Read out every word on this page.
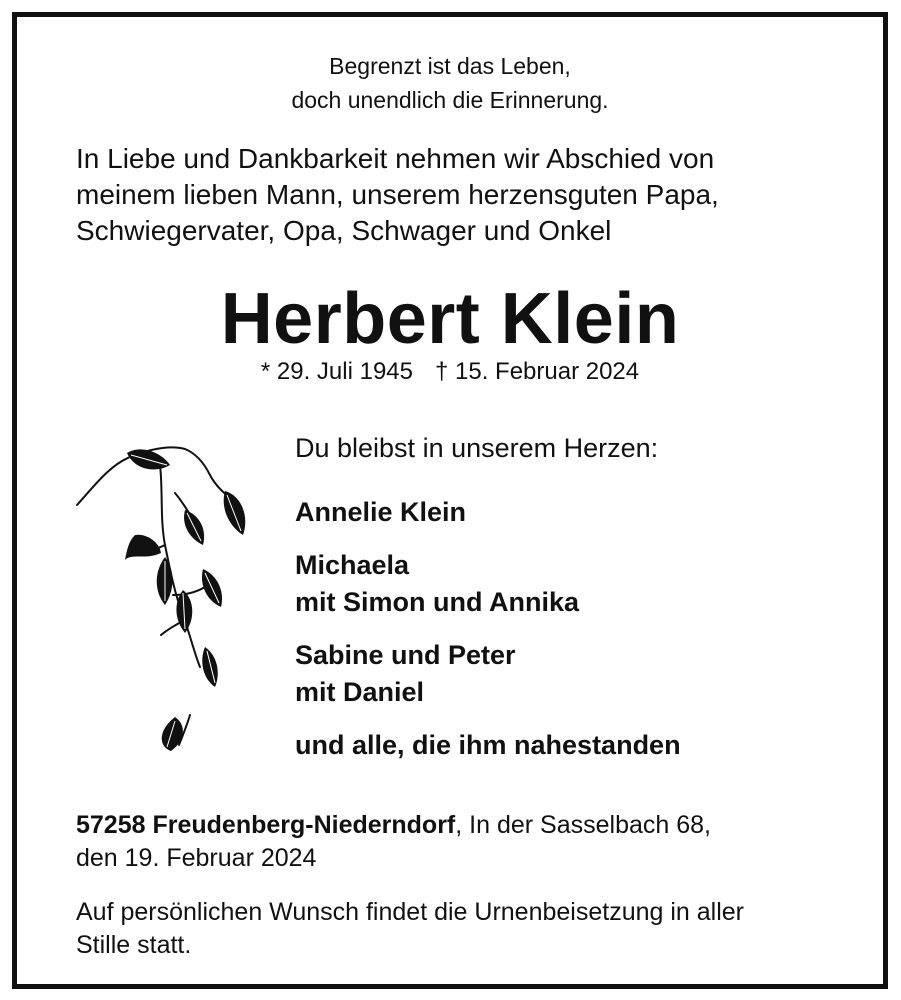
Begrenzt ist das Leben,
doch unendlich die Erinnerung.
In Liebe und Dankbarkeit nehmen wir Abschied von
meinem lieben Mann, unserem herzensguten Papa,
Schwiegervater, Opa, Schwager und Onkel
Herbert Klein
* 29. Juli 1945 † 15. Februar 2024
Du bleibst in unserem Herzen:
Annelie Klein
Michaela
mit Simon und Annika
Sabine und Peter
mit Daniel
und alle, die ihm nahestanden
57258 Freudenberg-Niederndorf, In der Sasselbach 68,
den 19. Februar 2024
Auf persönlichen Wunsch findet die Urnenbeisetzung in aller
Stille statt.
